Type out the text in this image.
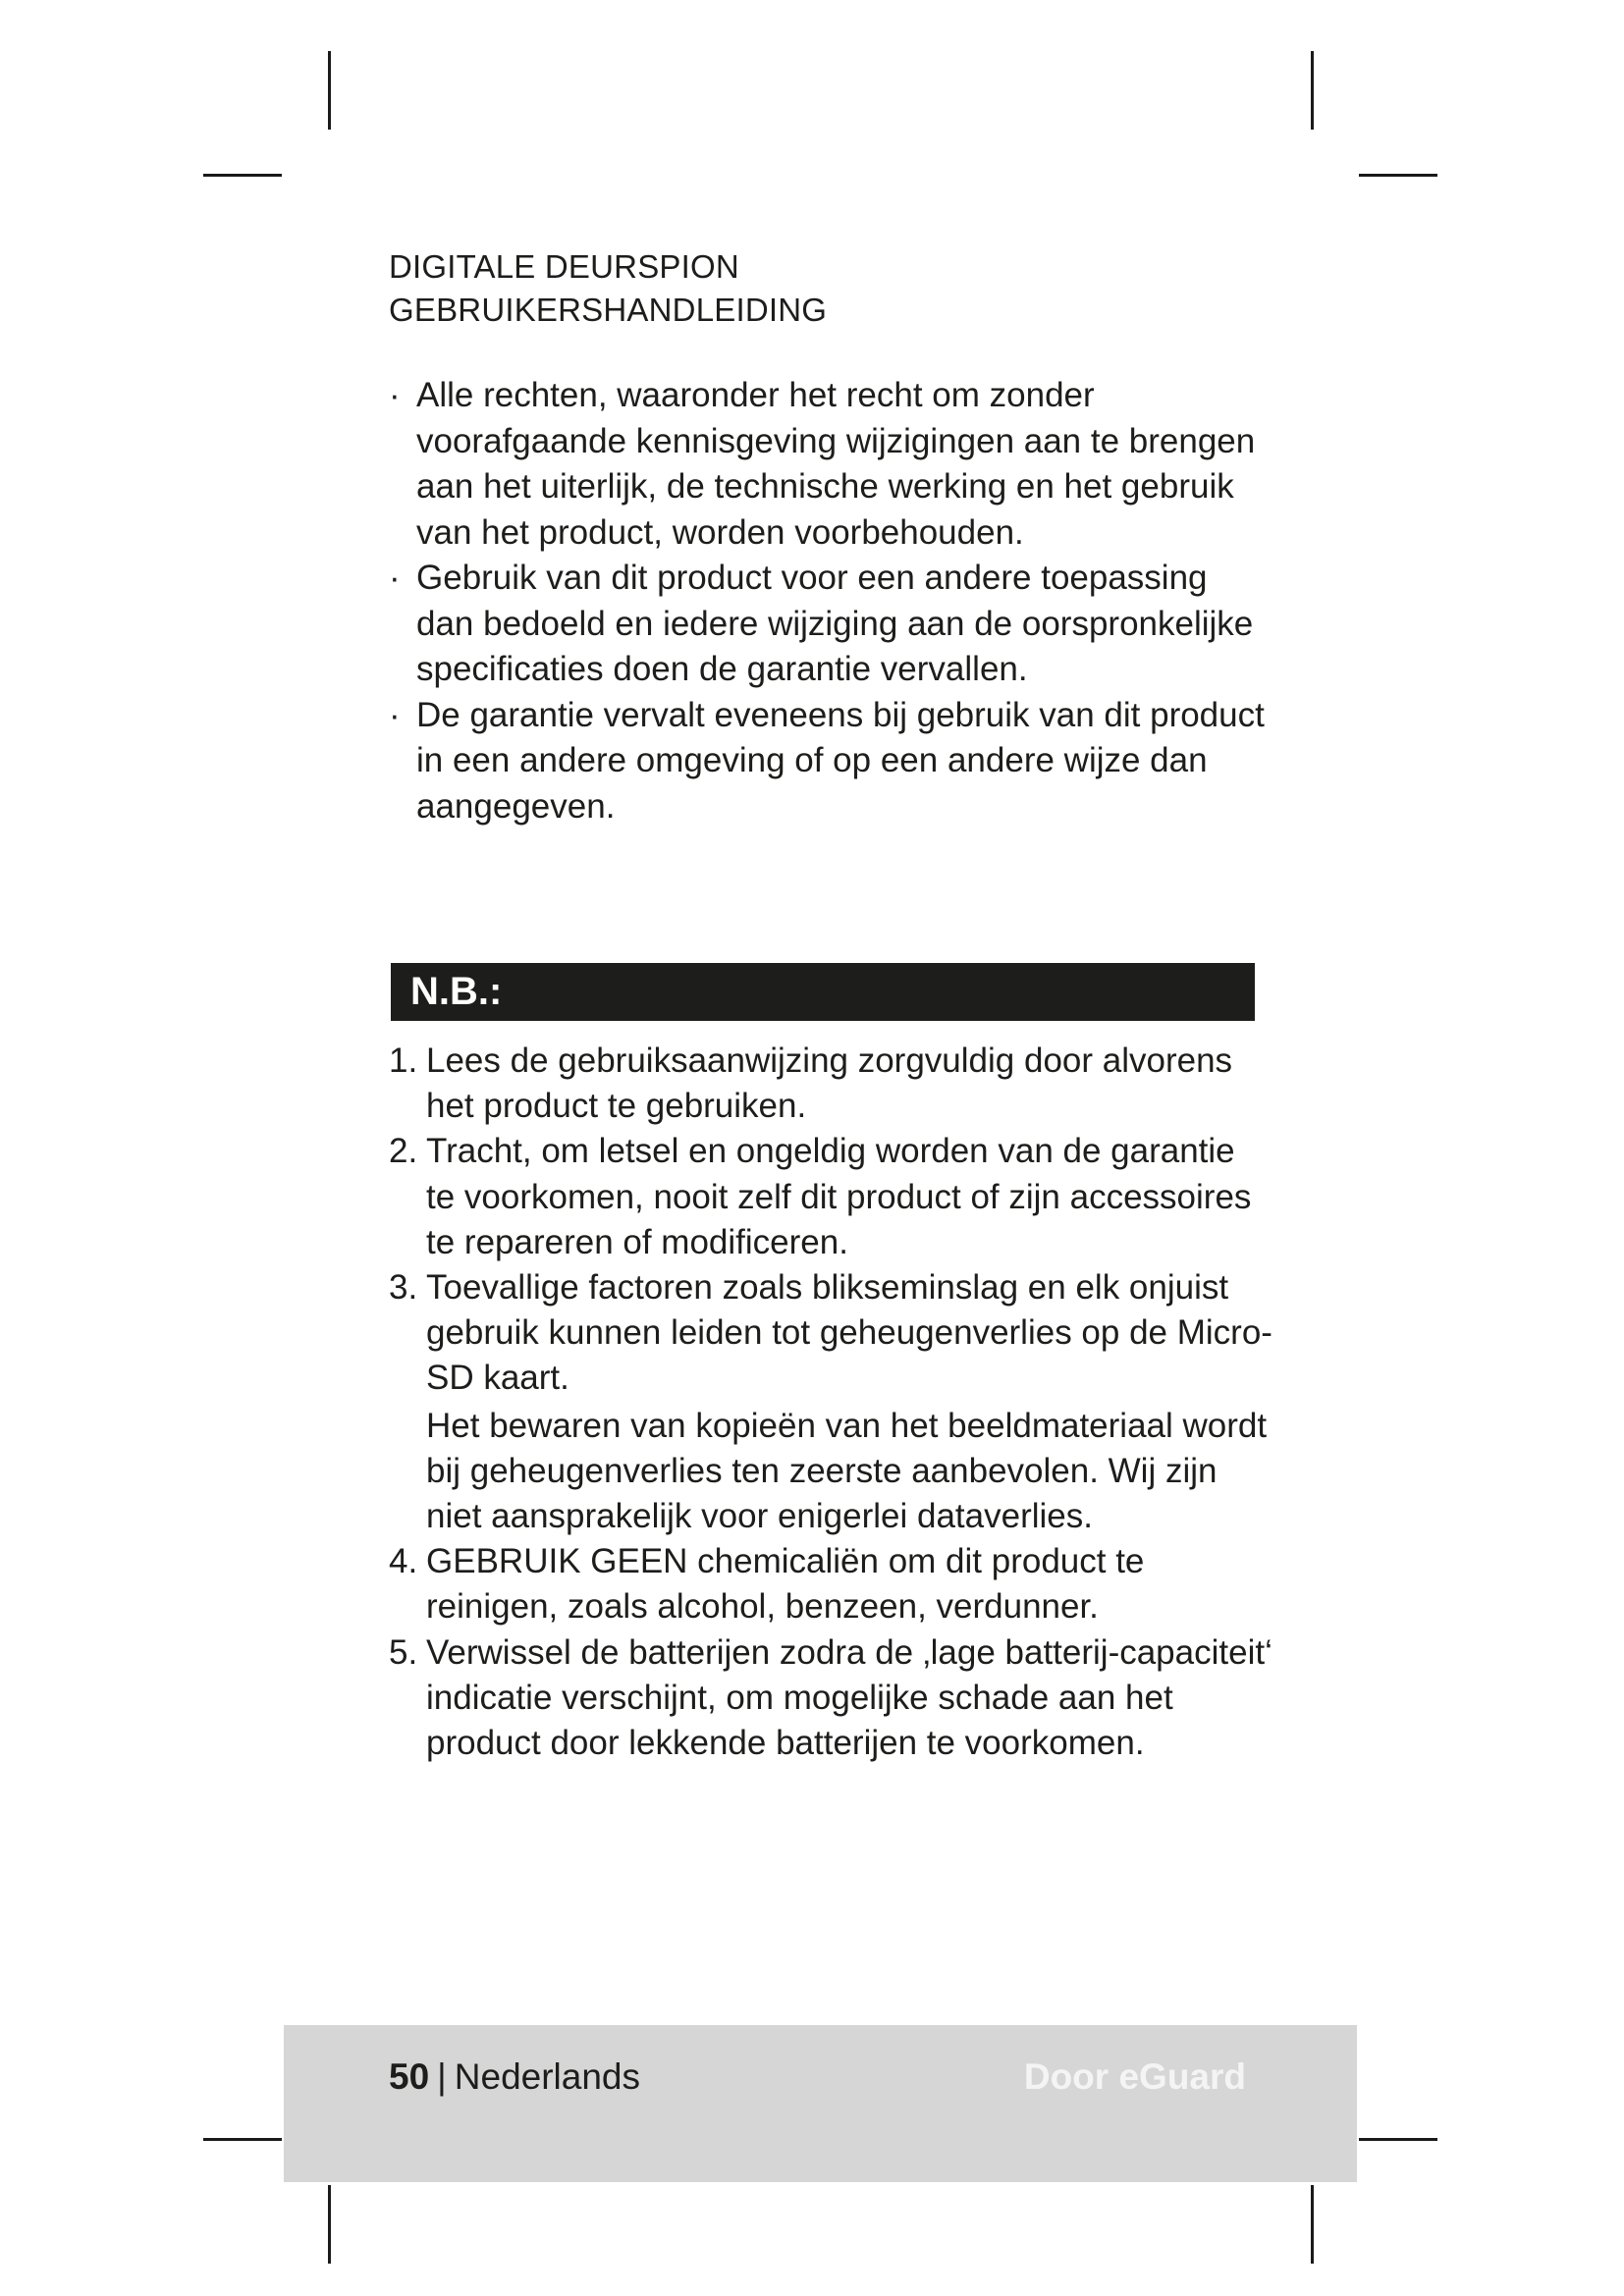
DIGITALE DEURSPION
GEBRUIKERSHANDLEIDING
· Alle rechten, waaronder het recht om zonder voorafgaande kennisgeving wijzigingen aan te brengen aan het uiterlijk, de technische werking en het gebruik van het product, worden voorbehouden.
· Gebruik van dit product voor een andere toepassing dan bedoeld en iedere wijziging aan de oorspronkelijke specificaties doen de garantie vervallen.
· De garantie vervalt eveneens bij gebruik van dit product in een andere omgeving of op een andere wijze dan aangegeven.
N.B.:
1. Lees de gebruiksaanwijzing zorgvuldig door alvorens het product te gebruiken.
2. Tracht, om letsel en ongeldig worden van de garantie te voorkomen, nooit zelf dit product of zijn accessoires te repareren of modificeren.
3. Toevallige factoren zoals blikseminslag en elk onjuist gebruik kunnen leiden tot geheugenverlies op de Micro-SD kaart.
Het bewaren van kopieën van het beeldmateriaal wordt bij geheugenverlies ten zeerste aanbevolen. Wij zijn niet aansprakelijk voor enigerlei dataverlies.
4. GEBRUIK GEEN chemicaliën om dit product te reinigen, zoals alcohol, benzeen, verdunner.
5. Verwissel de batterijen zodra de ‚lage batterij-capaciteit‘ indicatie verschijnt, om mogelijke schade aan het product door lekkende batterijen te voorkomen.
50 | Nederlands	Door eGuard
